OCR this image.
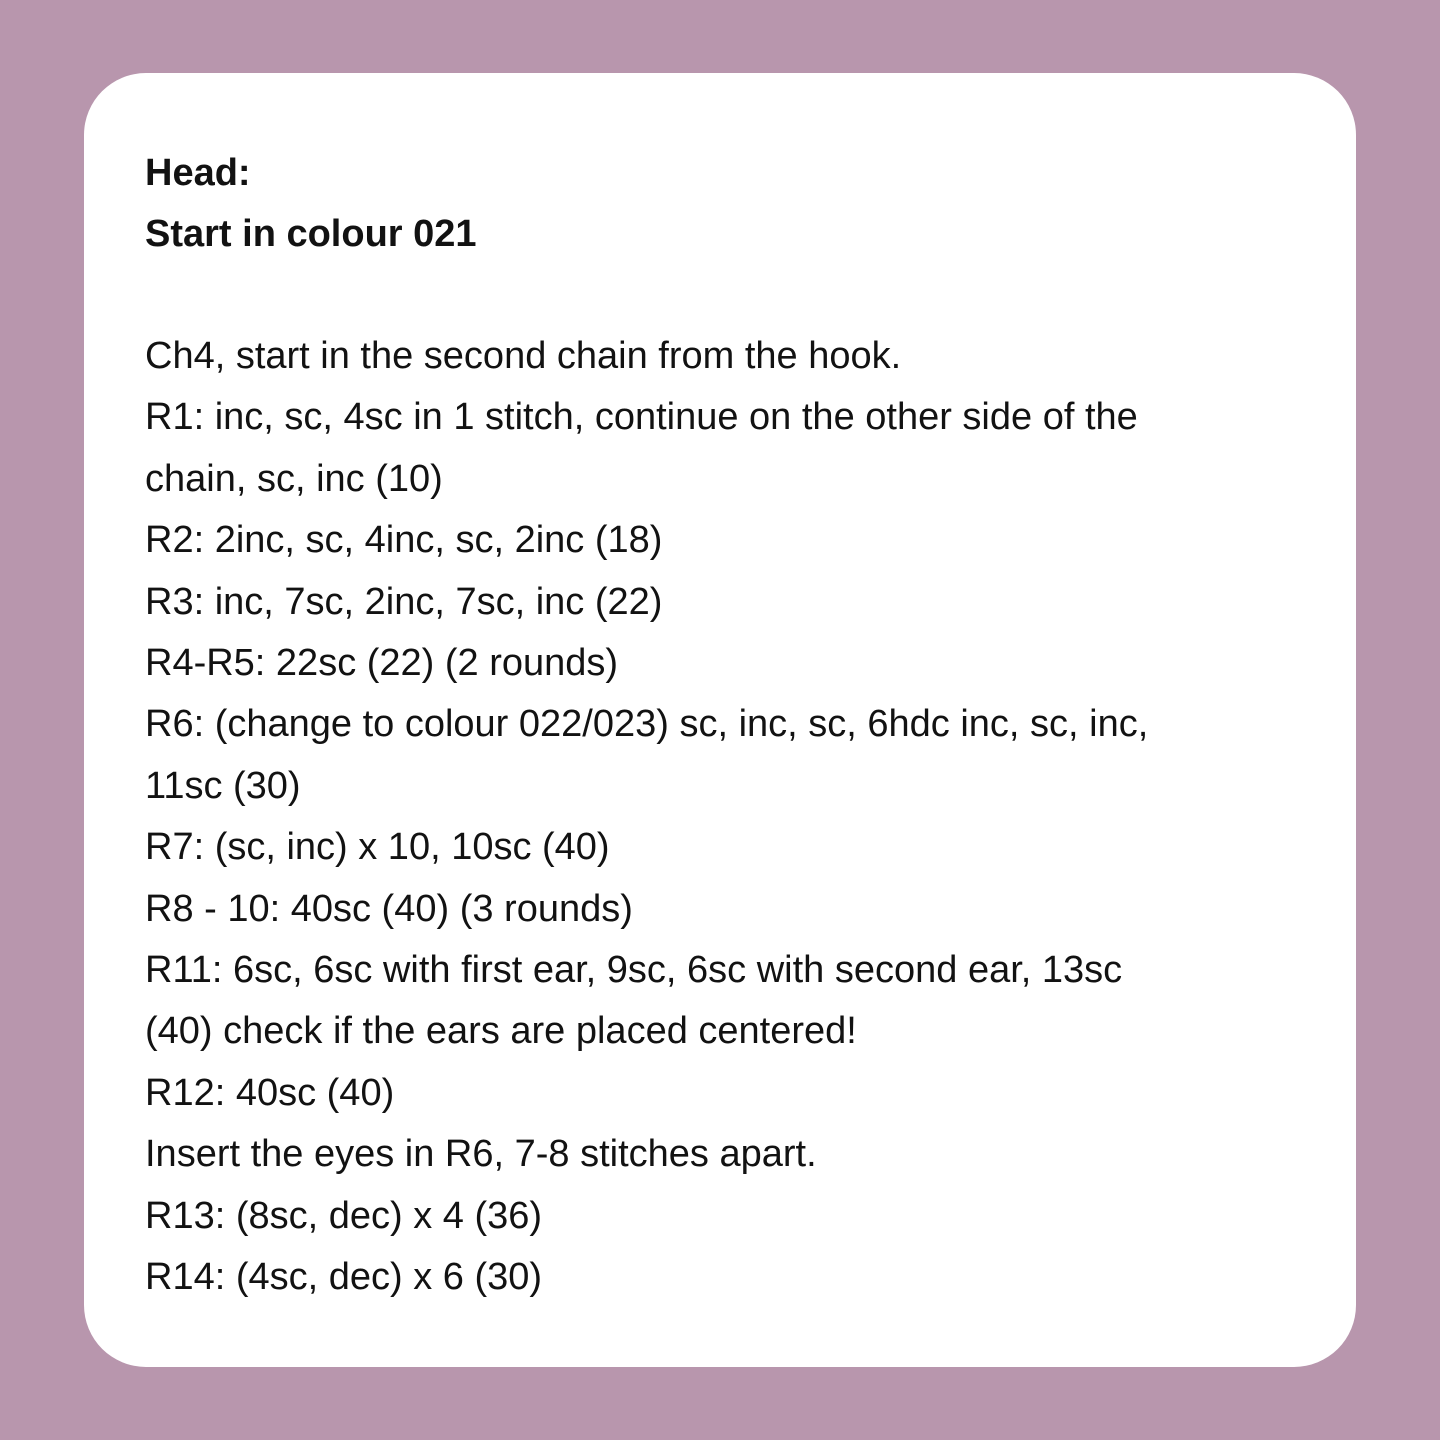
Head:

Start in colour 021

Ch4, start in the second chain from the hook.

R1: inc, sc, 4sc in 1 stitch, continue on the other side of the

chain, sc, inc (10)

R2: 2inc, sc, 4inc, sc, 2inc (18)

R3: inc, 7sc, 2inc, 7sc, inc (22)

R4-R5: 22sc (22) (2 rounds)

R6: (change to colour 022/023) sc, inc, sc, 6hdc inc, sc, inc,

11sc (30)

R7: (sc, inc) x 10, 10sc (40)

R8 - 10: 40sc (40) (3 rounds)

R11: 6sc, 6sc with first ear, 9sc, 6sc with second ear, 13sc

(40) check if the ears are placed centered!

R12: 40sc (40)

Insert the eyes in R6, 7-8 stitches apart.

R13: (8sc, dec) x 4 (36)

R14: (4sc, dec) x 6 (30)
